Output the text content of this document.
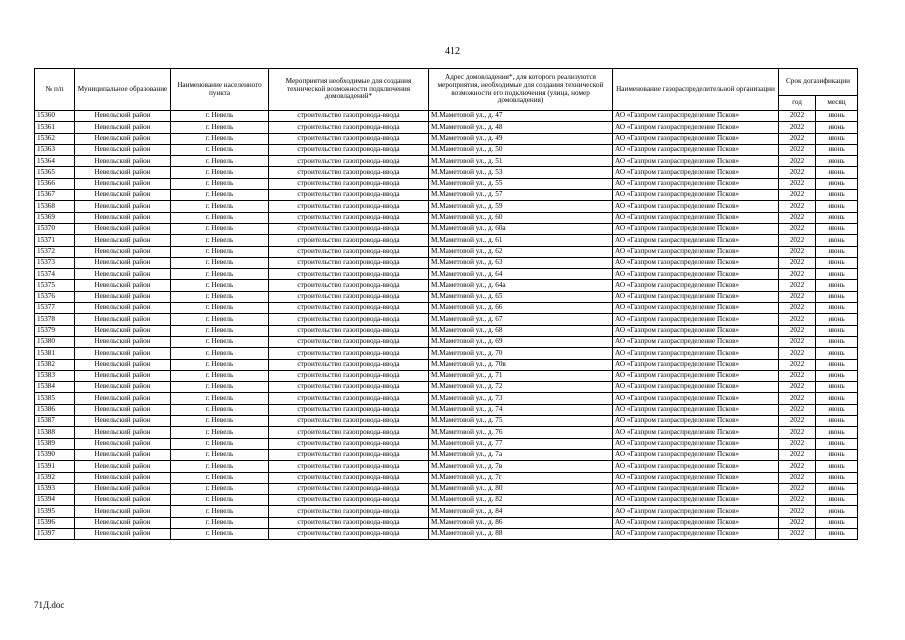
412
№ п/п	Муниципальное образование	Наименование населенного пункта	Мероприятия необходимые для создания технической возможности подключения домовладений*	Адрес домовладения*, для которого реализуются мероприятия, необходимые для создания технической возможности его подключения (улица, номер домовладения)	Наименование газораспределительной организации	Срок догазификации	
						год	месяц
15360	Невельский район	г. Невель	строительство газопровода-ввода	М.Маметовой ул., д. 47	АО «Газпром газораспределение Псков»	2022	июнь
15361	Невельский район	г. Невель	строительство газопровода-ввода	М.Маметовой ул., д. 48	АО «Газпром газораспределение Псков»	2022	июнь
15362	Невельский район	г. Невель	строительство газопровода-ввода	М.Маметовой ул., д. 49	АО «Газпром газораспределение Псков»	2022	июнь
15363	Невельский район	г. Невель	строительство газопровода-ввода	М.Маметовой ул., д. 50	АО «Газпром газораспределение Псков»	2022	июнь
15364	Невельский район	г. Невель	строительство газопровода-ввода	М.Маметовой ул., д. 51	АО «Газпром газораспределение Псков»	2022	июнь
15365	Невельский район	г. Невель	строительство газопровода-ввода	М.Маметовой ул., д. 53	АО «Газпром газораспределение Псков»	2022	июнь
15366	Невельский район	г. Невель	строительство газопровода-ввода	М.Маметовой ул., д. 55	АО «Газпром газораспределение Псков»	2022	июнь
15367	Невельский район	г. Невель	строительство газопровода-ввода	М.Маметовой ул., д. 57	АО «Газпром газораспределение Псков»	2022	июнь
15368	Невельский район	г. Невель	строительство газопровода-ввода	М.Маметовой ул., д. 59	АО «Газпром газораспределение Псков»	2022	июнь
15369	Невельский район	г. Невель	строительство газопровода-ввода	М.Маметовой ул., д. 60	АО «Газпром газораспределение Псков»	2022	июнь
15370	Невельский район	г. Невель	строительство газопровода-ввода	М.Маметовой ул., д. 60а	АО «Газпром газораспределение Псков»	2022	июнь
15371	Невельский район	г. Невель	строительство газопровода-ввода	М.Маметовой ул., д. 61	АО «Газпром газораспределение Псков»	2022	июнь
15372	Невельский район	г. Невель	строительство газопровода-ввода	М.Маметовой ул., д. 62	АО «Газпром газораспределение Псков»	2022	июнь
15373	Невельский район	г. Невель	строительство газопровода-ввода	М.Маметовой ул., д. 63	АО «Газпром газораспределение Псков»	2022	июнь
15374	Невельский район	г. Невель	строительство газопровода-ввода	М.Маметовой ул., д. 64	АО «Газпром газораспределение Псков»	2022	июнь
15375	Невельский район	г. Невель	строительство газопровода-ввода	М.Маметовой ул., д. 64а	АО «Газпром газораспределение Псков»	2022	июнь
15376	Невельский район	г. Невель	строительство газопровода-ввода	М.Маметовой ул., д. 65	АО «Газпром газораспределение Псков»	2022	июнь
15377	Невельский район	г. Невель	строительство газопровода-ввода	М.Маметовой ул., д. 66	АО «Газпром газораспределение Псков»	2022	июнь
15378	Невельский район	г. Невель	строительство газопровода-ввода	М.Маметовой ул., д. 67	АО «Газпром газораспределение Псков»	2022	июнь
15379	Невельский район	г. Невель	строительство газопровода-ввода	М.Маметовой ул., д. 68	АО «Газпром газораспределение Псков»	2022	июнь
15380	Невельский район	г. Невель	строительство газопровода-ввода	М.Маметовой ул., д. 69	АО «Газпром газораспределение Псков»	2022	июнь
15381	Невельский район	г. Невель	строительство газопровода-ввода	М.Маметовой ул., д. 70	АО «Газпром газораспределение Псков»	2022	июнь
15382	Невельский район	г. Невель	строительство газопровода-ввода	М.Маметовой ул., д. 70в	АО «Газпром газораспределение Псков»	2022	июнь
15383	Невельский район	г. Невель	строительство газопровода-ввода	М.Маметовой ул., д. 71	АО «Газпром газораспределение Псков»	2022	июнь
15384	Невельский район	г. Невель	строительство газопровода-ввода	М.Маметовой ул., д. 72	АО «Газпром газораспределение Псков»	2022	июнь
15385	Невельский район	г. Невель	строительство газопровода-ввода	М.Маметовой ул., д. 73	АО «Газпром газораспределение Псков»	2022	июнь
15386	Невельский район	г. Невель	строительство газопровода-ввода	М.Маметовой ул., д. 74	АО «Газпром газораспределение Псков»	2022	июнь
15387	Невельский район	г. Невель	строительство газопровода-ввода	М.Маметовой ул., д. 75	АО «Газпром газораспределение Псков»	2022	июнь
15388	Невельский район	г. Невель	строительство газопровода-ввода	М.Маметовой ул., д. 76	АО «Газпром газораспределение Псков»	2022	июнь
15389	Невельский район	г. Невель	строительство газопровода-ввода	М.Маметовой ул., д. 77	АО «Газпром газораспределение Псков»	2022	июнь
15390	Невельский район	г. Невель	строительство газопровода-ввода	М.Маметовой ул., д. 7а	АО «Газпром газораспределение Псков»	2022	июнь
15391	Невельский район	г. Невель	строительство газопровода-ввода	М.Маметовой ул., д. 7в	АО «Газпром газораспределение Псков»	2022	июнь
15392	Невельский район	г. Невель	строительство газопровода-ввода	М.Маметовой ул., д. 7г	АО «Газпром газораспределение Псков»	2022	июнь
15393	Невельский район	г. Невель	строительство газопровода-ввода	М.Маметовой ул., д. 80	АО «Газпром газораспределение Псков»	2022	июнь
15394	Невельский район	г. Невель	строительство газопровода-ввода	М.Маметовой ул., д. 82	АО «Газпром газораспределение Псков»	2022	июнь
15395	Невельский район	г. Невель	строительство газопровода-ввода	М.Маметовой ул., д. 84	АО «Газпром газораспределение Псков»	2022	июнь
15396	Невельский район	г. Невель	строительство газопровода-ввода	М.Маметовой ул., д. 86	АО «Газпром газораспределение Псков»	2022	июнь
15397	Невельский район	г. Невель	строительство газопровода-ввода	М.Маметовой ул., д. 88	АО «Газпром газораспределение Псков»	2022	июнь
71Д.doc
